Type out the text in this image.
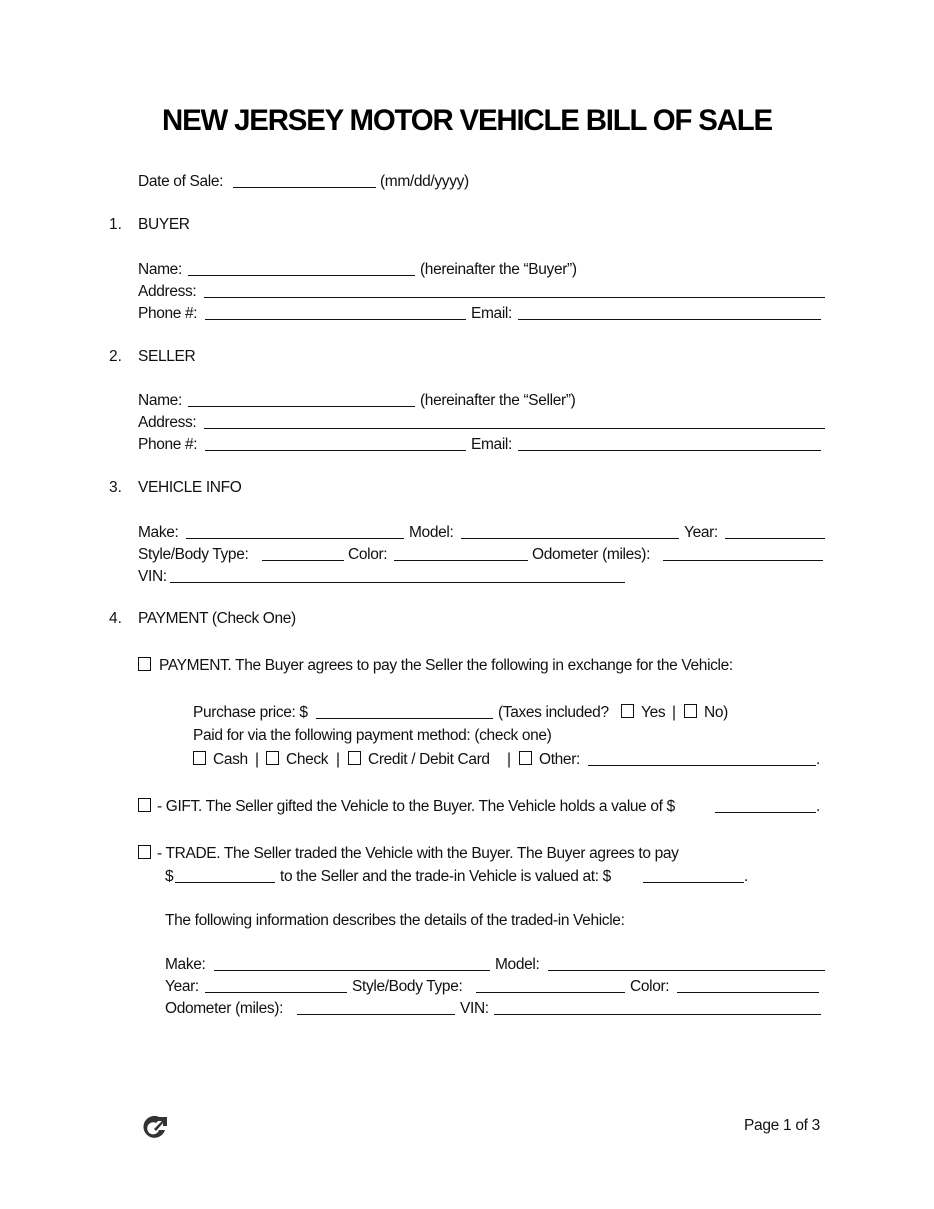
NEW JERSEY MOTOR VEHICLE BILL OF SALE
Date of Sale:	(mm/dd/yyyy)
1. BUYER
Name:	(hereinafter the “Buyer”)
Address:
Phone #:	Email:
2. SELLER
Name:	(hereinafter the “Seller”)
Address:
Phone #:	Email:
3. VEHICLE INFO
Make:	Model:	Year:
Style/Body Type:	Color:	Odometer (miles):
VIN:
4. PAYMENT (Check One)
PAYMENT. The Buyer agrees to pay the Seller the following in exchange for the Vehicle:
Purchase price: $	(Taxes included? Yes | No)
Paid for via the following payment method: (check one)
Cash | Check | Credit / Debit Card | Other:	.
- GIFT. The Seller gifted the Vehicle to the Buyer. The Vehicle holds a value of $	.
- TRADE. The Seller traded the Vehicle with the Buyer. The Buyer agrees to pay
$	to the Seller and the trade-in Vehicle is valued at: $	.
The following information describes the details of the traded-in Vehicle:
Make:	Model:
Year:	Style/Body Type:	Color:
Odometer (miles):	VIN:
Page 1 of 3
